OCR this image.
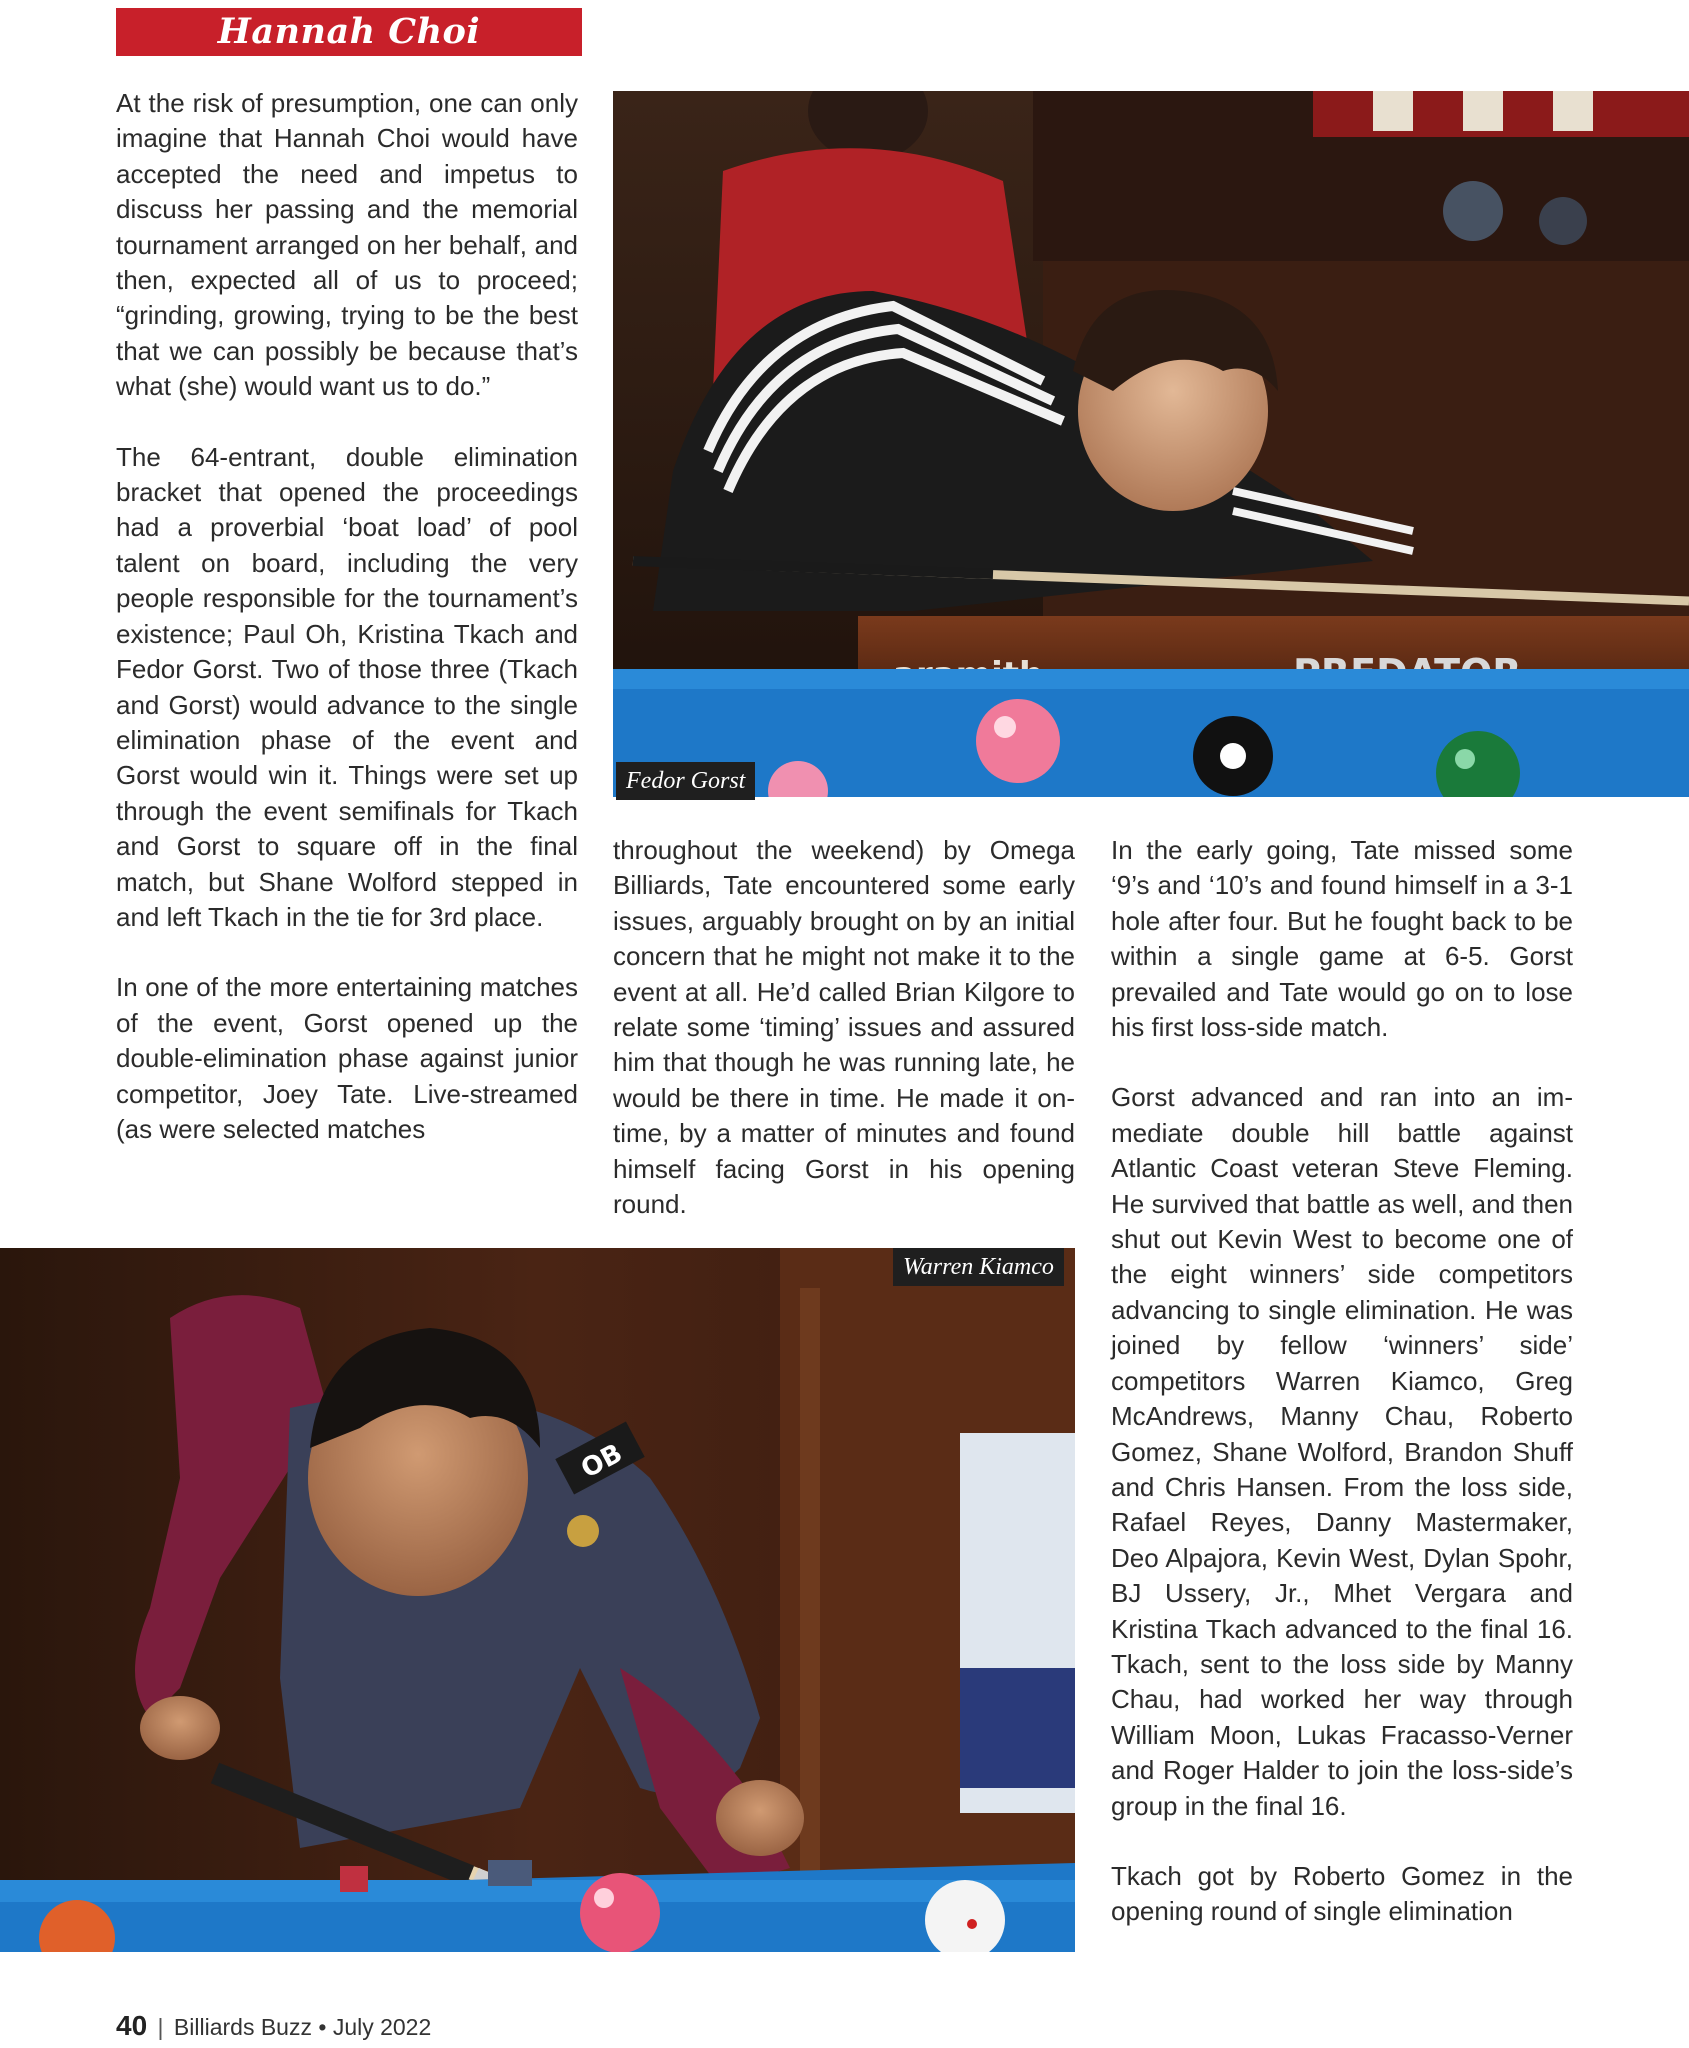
Hannah Choi Memorial

At the risk of presumption, one can only imagine that Hannah Choi would have accepted the need and impetus to discuss her passing and the memorial tournament arranged on her behalf, and then, expected all of us to proceed; “grinding, growing, trying to be the best that we can possibly be because that’s what (she) would want us to do.”

The 64-entrant, double elimination bracket that opened the proceedings had a proverbial ‘boat load’ of pool talent on board, including the very people responsible for the tournament’s existence; Paul Oh, Kristina Tkach and Fedor Gorst. Two of those three (Tkach and Gorst) would advance to the single elimination phase of the event and Gorst would win it. Things were set up through the event semifinals for Tkach and Gorst to square off in the final match, but Shane Wolford stepped in and left Tkach in the tie for 3rd place.

In one of the more entertaining matches of the event, Gorst opened up the double-elimination phase against junior competitor, Joey Tate. Live-streamed (as were selected matches

Fedor Gorst

throughout the weekend) by Omega Billiards, Tate encountered some early issues, arguably brought on by an initial concern that he might not make it to the event at all. He’d called Brian Kilgore to relate some ‘timing’ issues and assured him that though he was running late, he would be there in time. He made it on-time, by a matter of minutes and found himself facing Gorst in his opening round.

In the early going, Tate missed some ‘9’s and ‘10’s and found himself in a 3-1 hole after four. But he fought back to be within a single game at 6-5. Gorst prevailed and Tate would go on to lose his first loss-side match.

Gorst advanced and ran into an immediate double hill battle against Atlantic Coast veteran Steve Fleming. He survived that battle as well, and then shut out Kevin West to become one of the eight winners’ side competitors advancing to single elimination. He was joined by fellow ‘winners’ side’ competitors Warren Kiamco, Greg McAndrews, Manny Chau, Roberto Gomez, Shane Wolford, Brandon Shuff and Chris Hansen. From the loss side, Rafael Reyes, Danny Mastermaker, Deo Alpajora, Kevin West, Dylan Spohr, BJ Ussery, Jr., Mhet Vergara and Kristina Tkach advanced to the final 16. Tkach, sent to the loss side by Manny Chau, had worked her way through William Moon, Lukas Fracasso-Verner and Roger Halder to join the loss-side’s group in the final 16.

Tkach got by Roberto Gomez in the opening round of single elimination

OB
Warren Kiamco
40 | Billiards Buzz • July 2022
